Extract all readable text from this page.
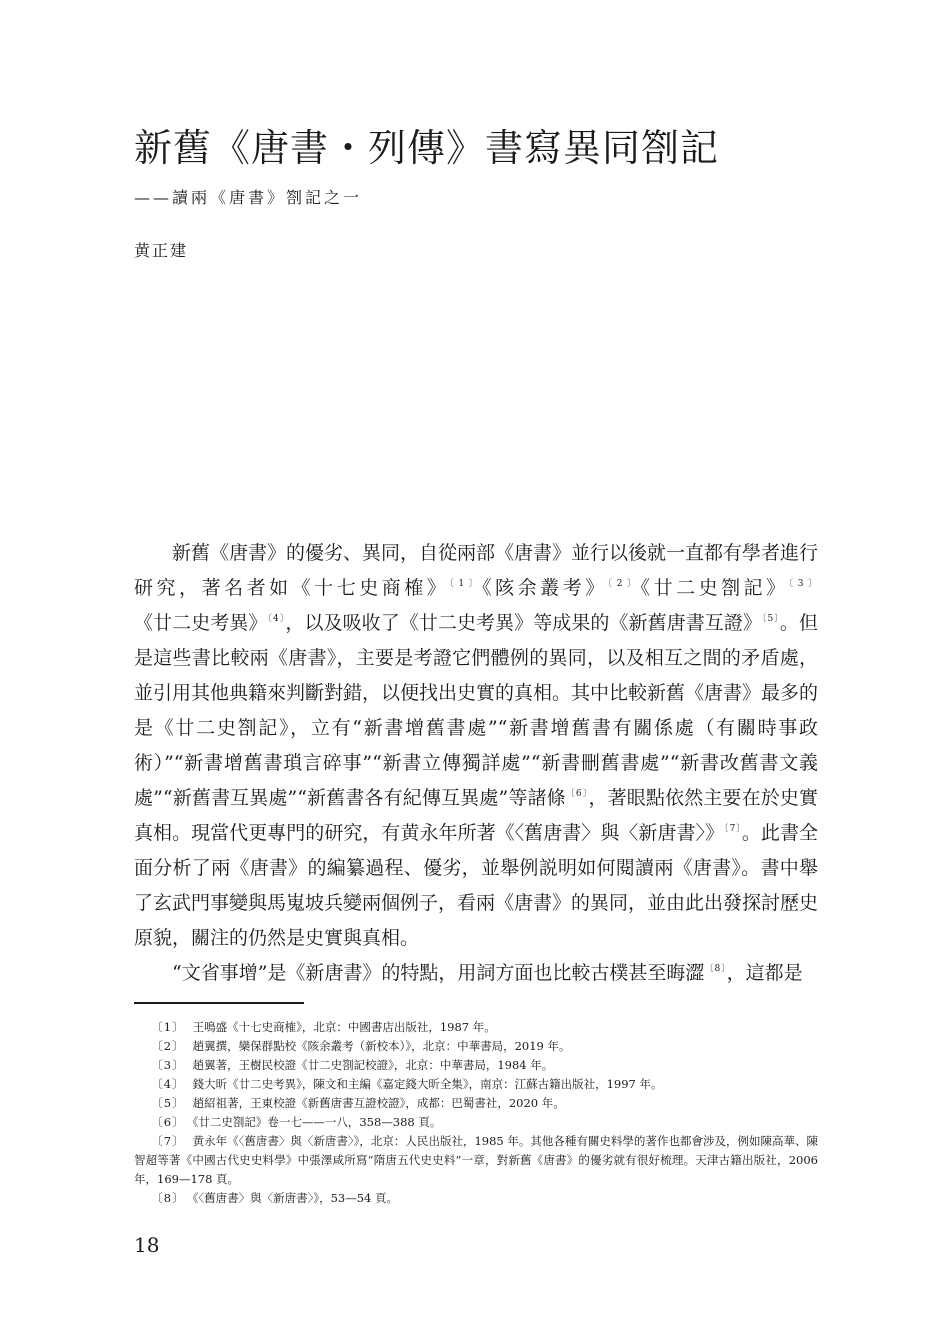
新舊《唐書・列傳》書寫異同劄記
——讀兩《唐書》劄記之一
黄正建

新舊《唐書》的優劣、異同，自從兩部《唐書》並行以後就一直都有學者進行研究，著名者如《十七史商榷》$^{〔1〕}$《陔余叢考》$^{〔2〕}$《廿二史劄記》$^{〔3〕}$《廿二史考異》$^{〔4〕}$，以及吸收了《廿二史考異》等成果的《新舊唐書互證》$^{〔5〕}$。但是這些書比較兩《唐書》，主要是考證它們體例的異同，以及相互之間的矛盾處，並引用其他典籍來判斷對錯，以便找出史實的真相。其中比較新舊《唐書》最多的是《廿二史劄記》，立有“新書增舊書處”“新書增舊書有關係處（有關時事政術）”“新書增舊書瑣言碎事”“新書立傳獨詳處”“新書刪舊書處”“新書改舊書文義處”“新舊書互異處”“新舊書各有紀傳互異處”等諸條$^{〔6〕}$，著眼點依然主要在於史實真相。現當代更專門的研究，有黄永年所著《〈舊唐書〉與〈新唐書〉》$^{〔7〕}$。此書全面分析了兩《唐書》的編纂過程、優劣，並舉例説明如何閱讀兩《唐書》。書中舉了玄武門事變與馬嵬坡兵變兩個例子，看兩《唐書》的異同，並由此出發探討歷史原貌，關注的仍然是史實與真相。

“文省事增”是《新唐書》的特點，用詞方面也比較古樸甚至晦澀$^{〔8〕}$，這都是

〔1〕 王鳴盛《十七史商榷》，北京：中國書店出版社，1987 年。

〔2〕 趙翼撰，欒保群點校《陔余叢考（新校本）》，北京：中華書局，2019 年。

〔3〕 趙翼著，王樹民校證《廿二史劄記校證》，北京：中華書局，1984 年。

〔4〕 錢大昕《廿二史考異》，陳文和主編《嘉定錢大昕全集》，南京：江蘇古籍出版社，1997 年。

〔5〕 趙紹祖著，王東校證《新舊唐書互證校證》，成都：巴蜀書社，2020 年。

〔6〕 《廿二史劄記》卷一七——一八，358—388 頁。

〔7〕 黄永年《〈舊唐書〉與〈新唐書〉》，北京：人民出版社，1985 年。其他各種有關史料學的著作也都會涉及，例如陳高華、陳智超等著《中國古代史史料學》中張澤咸所寫“隋唐五代史史料”一章，對新舊《唐書》的優劣就有很好梳理。天津古籍出版社，2006 年，169—178 頁。

〔8〕 《〈舊唐書〉與〈新唐書〉》，53—54 頁。

18
